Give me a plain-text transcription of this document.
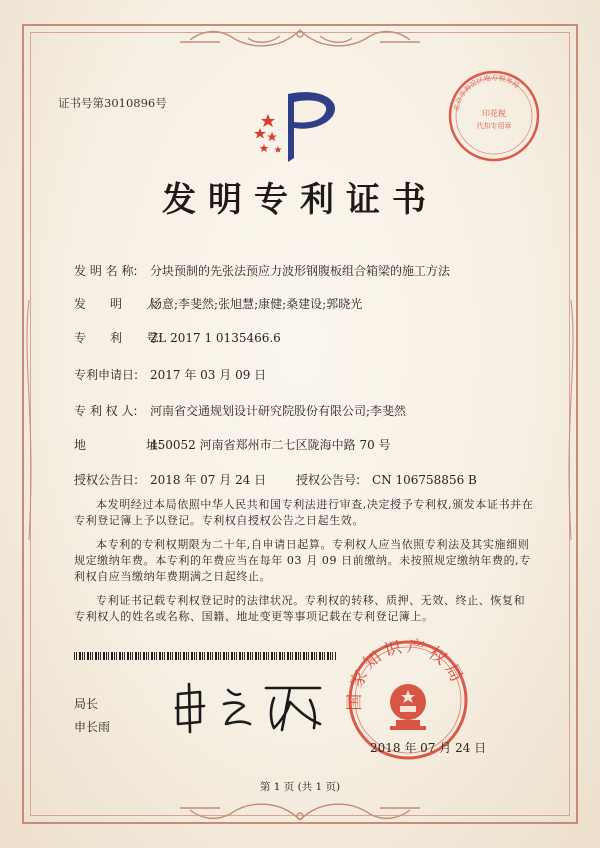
证书号第3010896号
印花税
代扣专用章
北京市海淀区地方税务局
发明专利证书
发 明 名 称: 分块预制的先张法预应力波形钢腹板组合箱梁的施工方法
发　　明　　人:
汤意;李斐然;张旭慧;康健;桑建设;郭晓光
专　　利　　号:
ZL 2017 1 0135466.6
专利申请日: 2017 年 03 月 09 日
专 利 权 人: 河南省交通规划设计研究院股份有限公司;李斐然
地　　　　　址:
450052 河南省郑州市二七区陇海中路 70 号
授权公告日: 2018 年 07 月 24 日 授权公告号: CN 106758856 B
本发明经过本局依照中华人民共和国专利法进行审查,决定授予专利权,颁发本证书并在专利登记簿上予以登记。专利权自授权公告之日起生效。
本专利的专利权期限为二十年,自申请日起算。专利权人应当依照专利法及其实施细则规定缴纳年费。本专利的年费应当在每年 03 月 09 日前缴纳。未按照规定缴纳年费的,专利权自应当缴纳年费期满之日起终止。
专利证书记载专利权登记时的法律状况。专利权的转移、质押、无效、终止、恢复和专利权人的姓名或名称、国籍、地址变更等事项记载在专利登记簿上。
局长
申长雨
国家知识产权局
2018 年 07 月 24 日
第 1 页 (共 1 页)
